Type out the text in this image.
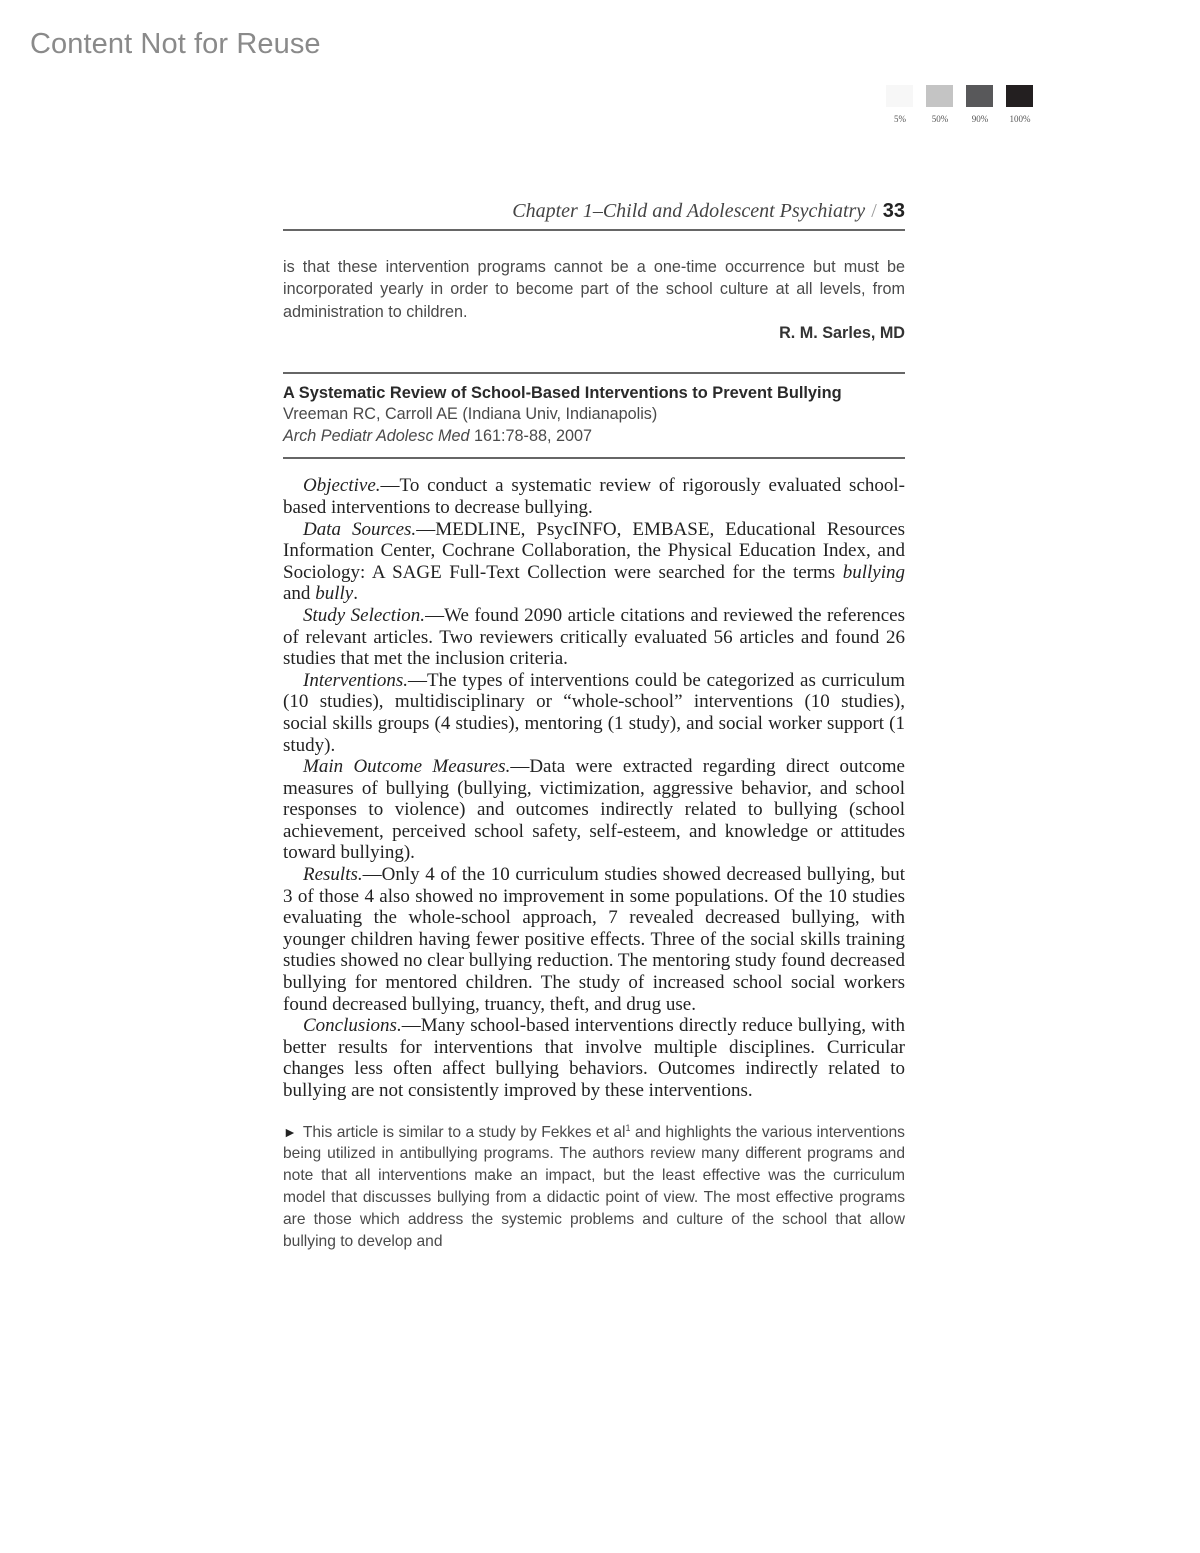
Content Not for Reuse
5%	50%	90%	100%
Chapter 1–Child and Adolescent Psychiatry / 33
is that these intervention programs cannot be a one-time occurrence but must be incorporated yearly in order to become part of the school culture at all levels, from administration to children.
R. M. Sarles, MD
A Systematic Review of School-Based Interventions to Prevent Bullying
Vreeman RC, Carroll AE (Indiana Univ, Indianapolis)
Arch Pediatr Adolesc Med 161:78-88, 2007

Objective.—To conduct a systematic review of rigorously evaluated school-based interventions to decrease bullying.

Data Sources.—MEDLINE, PsycINFO, EMBASE, Educational Resources Information Center, Cochrane Collaboration, the Physical Education Index, and Sociology: A SAGE Full-Text Collection were searched for the terms bullying and bully.

Study Selection.—We found 2090 article citations and reviewed the references of relevant articles. Two reviewers critically evaluated 56 articles and found 26 studies that met the inclusion criteria.

Interventions.—The types of interventions could be categorized as curriculum (10 studies), multidisciplinary or “whole-school” interventions (10 studies), social skills groups (4 studies), mentoring (1 study), and social worker support (1 study).

Main Outcome Measures.—Data were extracted regarding direct outcome measures of bullying (bullying, victimization, aggressive behavior, and school responses to violence) and outcomes indirectly related to bullying (school achievement, perceived school safety, self-esteem, and knowledge or attitudes toward bullying).

Results.—Only 4 of the 10 curriculum studies showed decreased bullying, but 3 of those 4 also showed no improvement in some populations. Of the 10 studies evaluating the whole-school approach, 7 revealed decreased bullying, with younger children having fewer positive effects. Three of the social skills training studies showed no clear bullying reduction. The mentoring study found decreased bullying for mentored children. The study of increased school social workers found decreased bullying, truancy, theft, and drug use.

Conclusions.—Many school-based interventions directly reduce bullying, with better results for interventions that involve multiple disciplines. Curricular changes less often affect bullying behaviors. Outcomes indirectly related to bullying are not consistently improved by these interventions.

► This article is similar to a study by Fekkes et $al^1$ and highlights the various interventions being utilized in antibullying programs. The authors review many different programs and note that all interventions make an impact, but the least effective was the curriculum model that discusses bullying from a didactic point of view. The most effective programs are those which address the systemic problems and culture of the school that allow bullying to develop and
